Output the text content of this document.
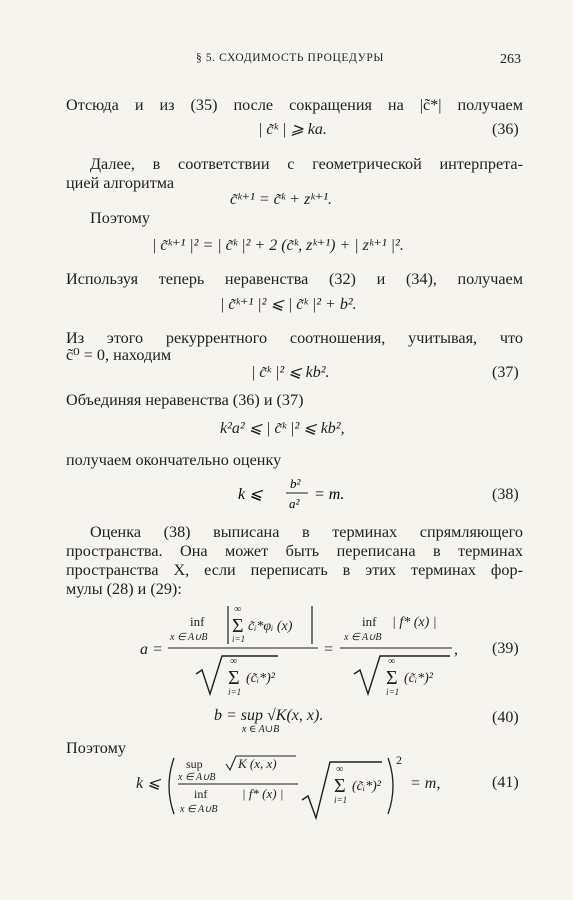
§ 5. СХОДИМОСТЬ ПРОЦЕДУРЫ	263
Отсюда и из (35) после сокращения на |c̃*| получаем
| c̃ᵏ | ⩾ ka.	(36)
Далее, в соответствии с геометрической интерпрета-
цией алгоритма
c̃ᵏ⁺¹ = c̃ᵏ + zᵏ⁺¹.
Поэтому
| c̃ᵏ⁺¹ |² = | c̃ᵏ |² + 2 (c̃ᵏ, zᵏ⁺¹) + | zᵏ⁺¹ |².
Используя теперь неравенства (32) и (34), получаем
| c̃ᵏ⁺¹ |² ⩽ | c̃ᵏ |² + b².
Из этого рекуррентного соотношения, учитывая, что
c̃⁰ = 0, находим
| c̃ᵏ |² ⩽ kb².	(37)
Объединяя неравенства (36) и (37)
k²a² ⩽ | c̃ᵏ |² ⩽ kb²,
получаем окончательно оценку
k ⩽
b²
a²
= m.	(38)
Оценка (38) выписана в терминах спрямляющего
пространства. Она может быть переписана в терминах
пространства X, если переписать в этих терминах фор-
мулы (28) и (29):
a =
inf
x ∈ A∪B
∞
Σ
i=1
c̃ᵢ*φᵢ (x)
∞
Σ
i=1
(c̃ᵢ*)²
=
inf
x ∈ A∪B
| f* (x) |
∞
Σ
i=1
(c̃ᵢ*)²
, (39)
b = sup √K(x, x).
x ∈ A∪B
(40)
Поэтому
k ⩽
sup
x ∈ A∪B
K (x, x)
inf
x ∈ A∪B
| f* (x) |
∞
Σ
i=1
(c̃ᵢ*)²
2
= m,	(41)
